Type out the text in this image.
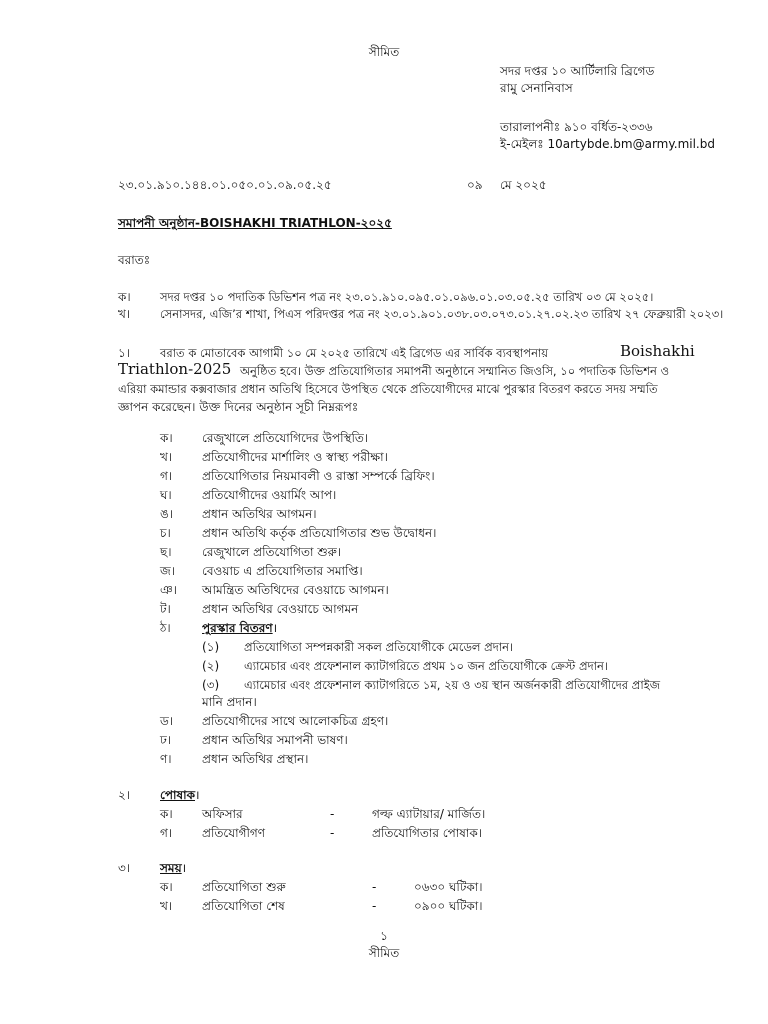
সীমিত
সদর দপ্তর ১০ আর্টিলারি ব্রিগেড
রামু সেনানিবাস
তারালাপনীঃ ৯১০ বর্ধিত-২৩৩৬
ই-মেইলঃ 10artybde.bm@army.mil.bd
২৩.০১.৯১০.১৪৪.০১.০৫০.০১.০৯.০৫.২৫	০৯ মে ২০২৫
সমাপনী অনুষ্ঠান-BOISHAKHI TRIATHLON-২০২৫
বরাতঃ
ক।	সদর দপ্তর ১০ পদাতিক ডিভিশন পত্র নং ২৩.০১.৯১০.০৯৫.০১.০৯৬.০১.০৩.০৫.২৫ তারিখ ০৩ মে ২০২৫।
খ।	সেনাসদর, এজি’র শাখা, পিএস পরিদপ্তর পত্র নং ২৩.০১.৯০১.০৩৮.০৩.০৭৩.০১.২৭.০২.২৩ তারিখ ২৭ ফেব্রুয়ারী ২০২৩।
১।	বরাত ক মোতাবেক আগামী ১০ মে ২০২৫ তারিখে এই ব্রিগেড এর সার্বিক ব্যবস্থাপনায়	Boishakhi
Triathlon-2025 অনুষ্ঠিত হবে। উক্ত প্রতিযোগিতার সমাপনী অনুষ্ঠানে সম্মানিত জিওসি, ১০ পদাতিক ডিভিশন ও
এরিয়া কমান্ডার কক্সবাজার প্রধান অতিথি হিসেবে উপস্থিত থেকে প্রতিযোগীদের মাঝে পুরস্কার বিতরণ করতে সদয় সম্মতি
জ্ঞাপন করেছেন। উক্ত দিনের অনুষ্ঠান সূচী নিম্নরূপঃ
ক। রেজুখালে প্রতিযোগিদের উপস্থিতি।
খ। প্রতিযোগীদের মার্শালিং ও স্বাস্থ্য পরীক্ষা।
গ। প্রতিযোগিতার নিয়মাবলী ও রাস্তা সম্পর্কে ব্রিফিং।
ঘ।	প্রতিযোগীদের ওয়ার্মিং আপ।
ঙ। প্রধান অতিথির আগমন।
চ।	প্রধান অতিথি কর্তৃক প্রতিযোগিতার শুভ উদ্বোধন।
ছ।	রেজুখালে প্রতিযোগিতা শুরু।
জ। বেওয়াচ এ প্রতিযোগিতার সমাপ্তি।
ঞ। আমন্ত্রিত অতিথিদের বেওয়াচে আগমন।
ট।	প্রধান অতিথির বেওয়াচে আগমন
ঠ।	পুরস্কার বিতরণ।
(১) প্রতিযোগিতা সম্পন্নকারী সকল প্রতিযোগীকে মেডেল প্রদান।
(২) এ্যামেচার এবং প্রফেশনাল ক্যাটাগরিতে প্রথম ১০ জন প্রতিযোগীকে ক্রেস্ট প্রদান।
(৩) এ্যামেচার এবং প্রফেশনাল ক্যাটাগরিতে ১ম, ২য় ও ৩য় স্থান অর্জনকারী প্রতিযোগীদের প্রাইজ
মানি প্রদান।
ড। প্রতিযোগীদের সাথে আলোকচিত্র গ্রহণ।
ঢ।	প্রধান অতিথির সমাপনী ভাষণ।
ণ।	প্রধান অতিথির প্রস্থান।
২। পোষাক।
ক। অফিসার	-	গল্ফ এ্যাটায়ার/ মার্জিত।
গ। প্রতিযোগীগণ	-	প্রতিযোগিতার পোষাক।
৩। সময়।
ক। প্রতিযোগিতা শুরু	-	০৬৩০ ঘটিকা।
খ। প্রতিযোগিতা শেষ	-	০৯০০ ঘটিকা।
১
সীমিত
